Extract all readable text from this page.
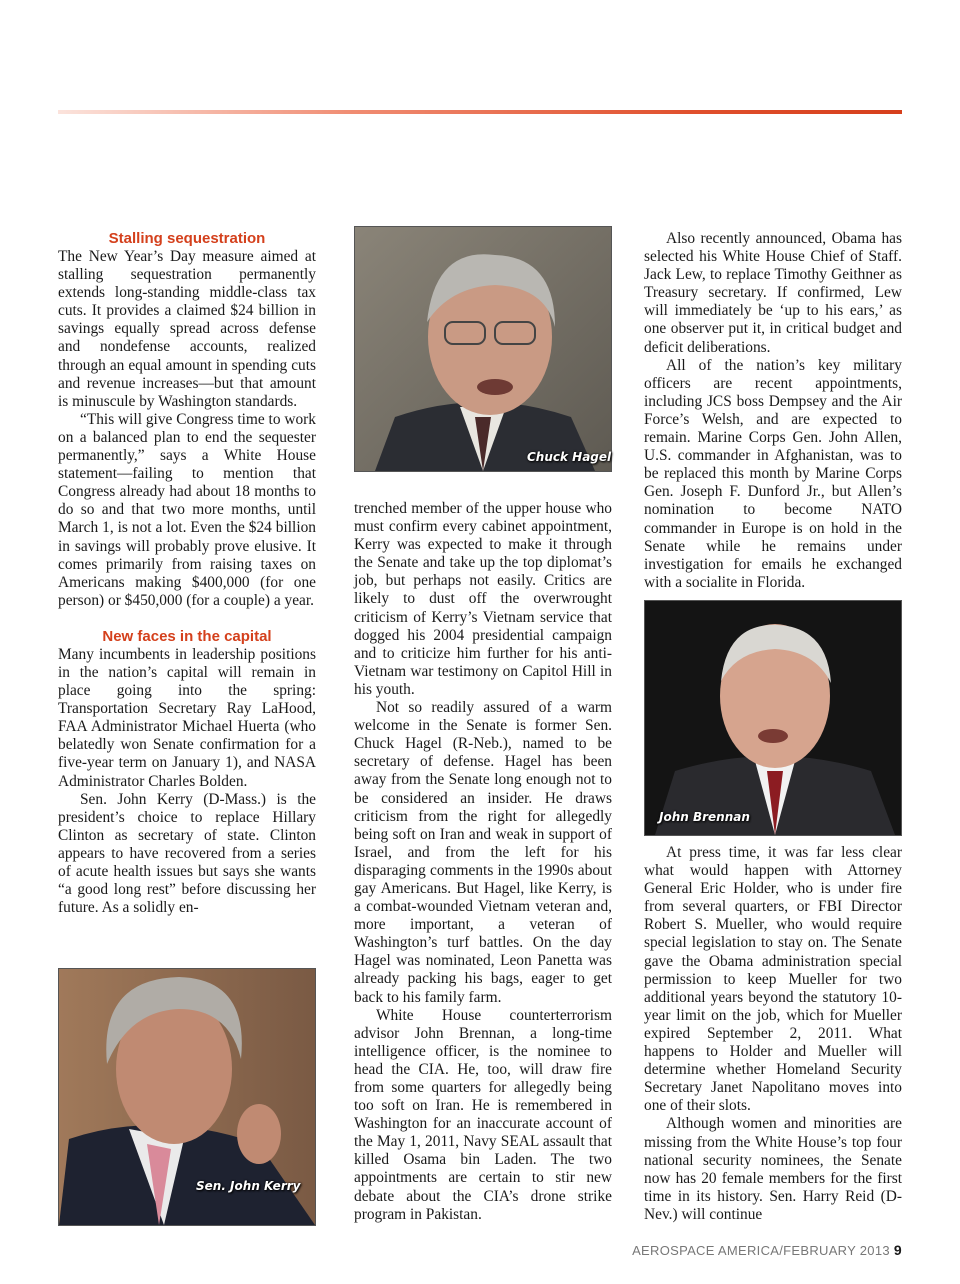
Stalling sequestration

The New Year’s Day measure aimed at stalling sequestration permanently extends long-standing middle-class tax cuts. It provides a claimed $24 billion in savings equally spread across defense and nondefense accounts, realized through an equal amount in spending cuts and revenue increases—but that amount is minuscule by Washington standards.

“This will give Congress time to work on a balanced plan to end the sequester permanently,” says a White House statement—failing to mention that Congress already had about 18 months to do so and that two more months, until March 1, is not a lot. Even the $24 billion in savings will probably prove elusive. It comes primarily from raising taxes on Americans making $400,000 (for one person) or $450,000 (for a couple) a year.

New faces in the capital

Many incumbents in leadership positions in the nation’s capital will remain in place going into the spring: Transportation Secretary Ray LaHood, FAA Administrator Michael Huerta (who belatedly won Senate confirmation for a five-year term on January 1), and NASA Administrator Charles Bolden.

Sen. John Kerry (D-Mass.) is the president’s choice to replace Hillary Clinton as secretary of state. Clinton appears to have recovered from a series of acute health issues but says she wants “a good long rest” before discussing her future. As a solidly en-

Chuck Hagel

trenched member of the upper house who must confirm every cabinet appointment, Kerry was expected to make it through the Senate and take up the top diplomat’s job, but perhaps not easily. Critics are likely to dust off the overwrought criticism of Kerry’s Vietnam service that dogged his 2004 presidential campaign and to criticize him further for his anti-Vietnam war testimony on Capitol Hill in his youth.

Not so readily assured of a warm welcome in the Senate is former Sen. Chuck Hagel (R-Neb.), named to be secretary of defense. Hagel has been away from the Senate long enough not to be considered an insider. He draws criticism from the right for allegedly being soft on Iran and weak in support of Israel, and from the left for his disparaging comments in the 1990s about gay Americans. But Hagel, like Kerry, is a combat-wounded Vietnam veteran and, more important, a veteran of Washington’s turf battles. On the day Hagel was nominated, Leon Panetta was already packing his bags, eager to get back to his family farm.

White House counterterrorism advisor John Brennan, a long-time intelligence officer, is the nominee to head the CIA. He, too, will draw fire from some quarters for allegedly being too soft on Iran. He is remembered in Washington for an inaccurate account of the May 1, 2011, Navy SEAL assault that killed Osama bin Laden. The two appointments are certain to stir new debate about the CIA’s drone strike program in Pakistan.

Also recently announced, Obama has selected his White House Chief of Staff. Jack Lew, to replace Timothy Geithner as Treasury secretary. If confirmed, Lew will immediately be ‘up to his ears,’ as one observer put it, in critical budget and deficit deliberations.

All of the nation’s key military officers are recent appointments, including JCS boss Dempsey and the Air Force’s Welsh, and are expected to remain. Marine Corps Gen. John Allen, U.S. commander in Afghanistan, was to be replaced this month by Marine Corps Gen. Joseph F. Dunford Jr., but Allen’s nomination to become NATO commander in Europe is on hold in the Senate while he remains under investigation for emails he exchanged with a socialite in Florida.

John Brennan

At press time, it was far less clear what would happen with Attorney General Eric Holder, who is under fire from several quarters, or FBI Director Robert S. Mueller, who would require special legislation to stay on. The Senate gave the Obama administration special permission to keep Mueller for two additional years beyond the statutory 10-year limit on the job, which for Mueller expired September 2, 2011. What happens to Holder and Mueller will determine whether Homeland Security Secretary Janet Napolitano moves into one of their slots.

Although women and minorities are missing from the White House’s top four national security nominees, the Senate now has 20 female members for the first time in its history. Sen. Harry Reid (D-Nev.) will continue

Sen. John Kerry
AEROSPACE AMERICA/FEBRUARY 2013 9
